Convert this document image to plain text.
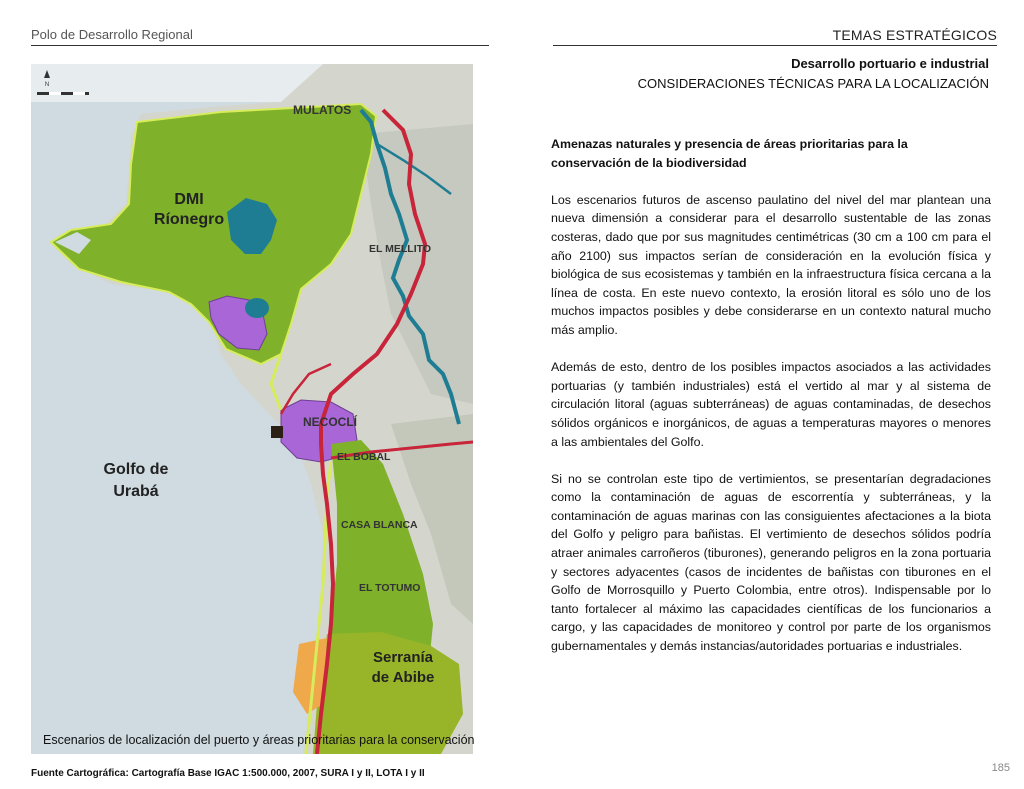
Polo de Desarrollo Regional	TEMAS ESTRATÉGICOS
N
MULATOS
DMI
Ríonegro
EL MELLITO
NECOCLÍ
EL BOBAL
Golfo de
Urabá
CASA BLANCA
EL TOTUMO
Serranía
de Abibe
Escenarios de localización del puerto y áreas prioritarias para la conservación
Fuente Cartográfica: Cartografía Base IGAC 1:500.000, 2007, SURA I y II, LOTA I y II	185
Desarrollo portuario e industrial
CONSIDERACIONES TÉCNICAS PARA LA LOCALIZACIÓN

Amenazas naturales y presencia de áreas prioritarias para la conservación de la biodiversidad

Los escenarios futuros de ascenso paulatino del nivel del mar plantean una nueva dimensión a considerar para el desarrollo sustentable de las zonas costeras, dado que por sus magnitudes centimétricas (30 cm a 100 cm para el año 2100) sus impactos serían de consideración en la evolución física y biológica de sus ecosistemas y también en la infraestructura física cercana a la línea de costa. En este nuevo contexto, la erosión litoral es sólo uno de los muchos impactos posibles y debe considerarse en un contexto natural mucho más amplio.

Además de esto, dentro de los posibles impactos asociados a las actividades portuarias (y también industriales) está el vertido al mar y al sistema de circulación litoral (aguas subterráneas) de aguas contaminadas, de desechos sólidos orgánicos e inorgánicos, de aguas a temperaturas mayores o menores a las ambientales del Golfo.

Si no se controlan este tipo de vertimientos, se presentarían degradaciones como la contaminación de aguas de escorrentía y subterráneas, y la contaminación de aguas marinas con las consiguientes afectaciones a la biota del Golfo y peligro para bañistas. El vertimiento de desechos sólidos podría atraer animales carroñeros (tiburones), generando peligros en la zona portuaria y sectores adyacentes (casos de incidentes de bañistas con tiburones en el Golfo de Morrosquillo y Puerto Colombia, entre otros). Indispensable por lo tanto fortalecer al máximo las capacidades científicas de los funcionarios a cargo, y las capacidades de monitoreo y control por parte de los organismos gubernamentales y demás instancias/autoridades portuarias e industriales.
